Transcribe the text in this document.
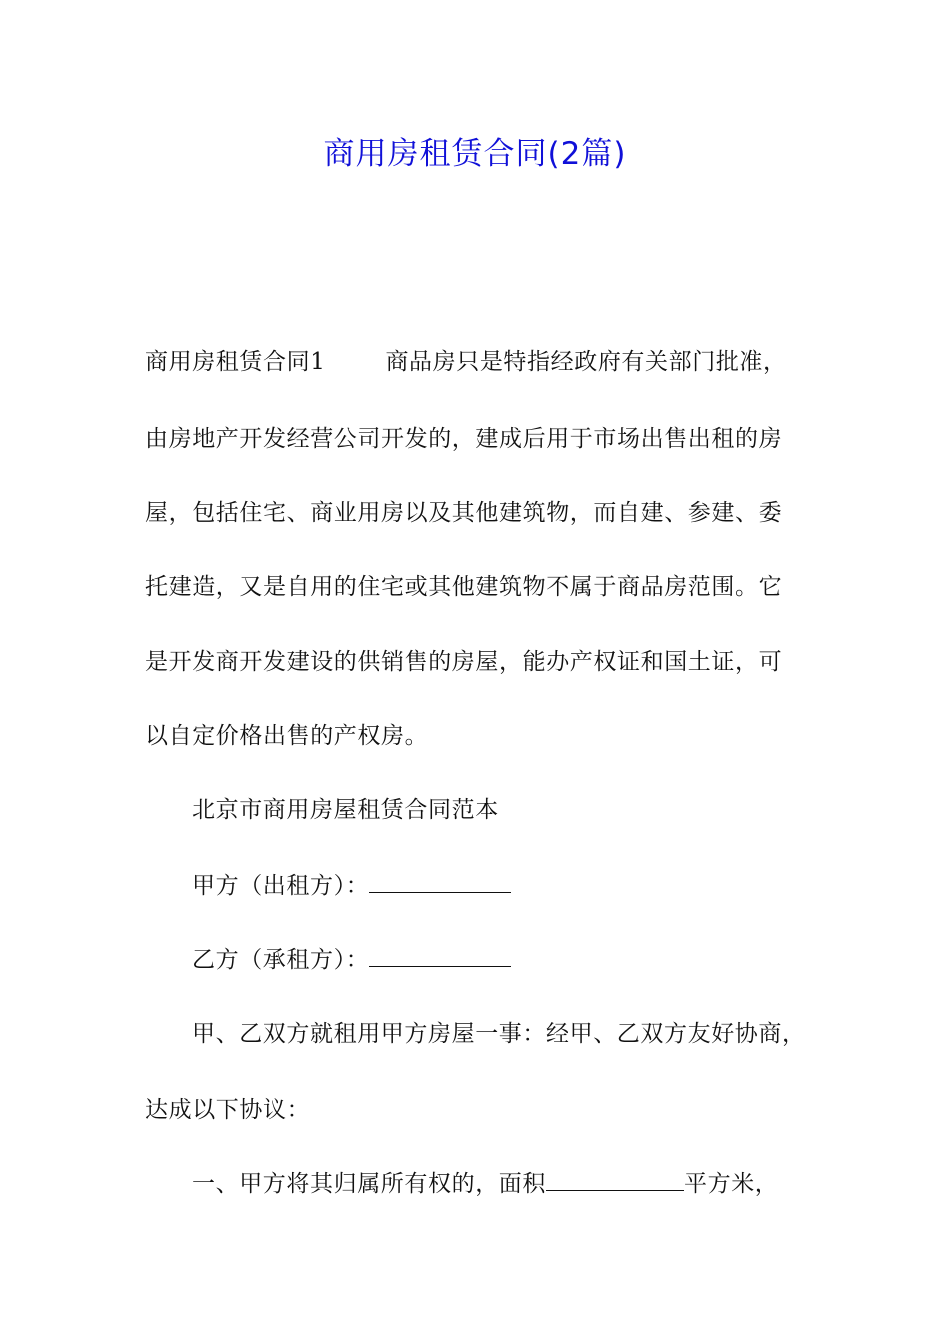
商用房租赁合同(2篇)
商用房租赁合同1	商品房只是特指经政府有关部门批准，
由房地产开发经营公司开发的，建成后用于市场出售出租的房
屋，包括住宅、商业用房以及其他建筑物，而自建、参建、委
托建造，又是自用的住宅或其他建筑物不属于商品房范围。它
是开发商开发建设的供销售的房屋，能办产权证和国土证，可
以自定价格出售的产权房。
北京市商用房屋租赁合同范本
甲方（出租方）：
乙方（承租方）：
甲、乙双方就租用甲方房屋一事：经甲、乙双方友好协商，
达成以下协议：
一、甲方将其归属所有权的，面积	平方米，
